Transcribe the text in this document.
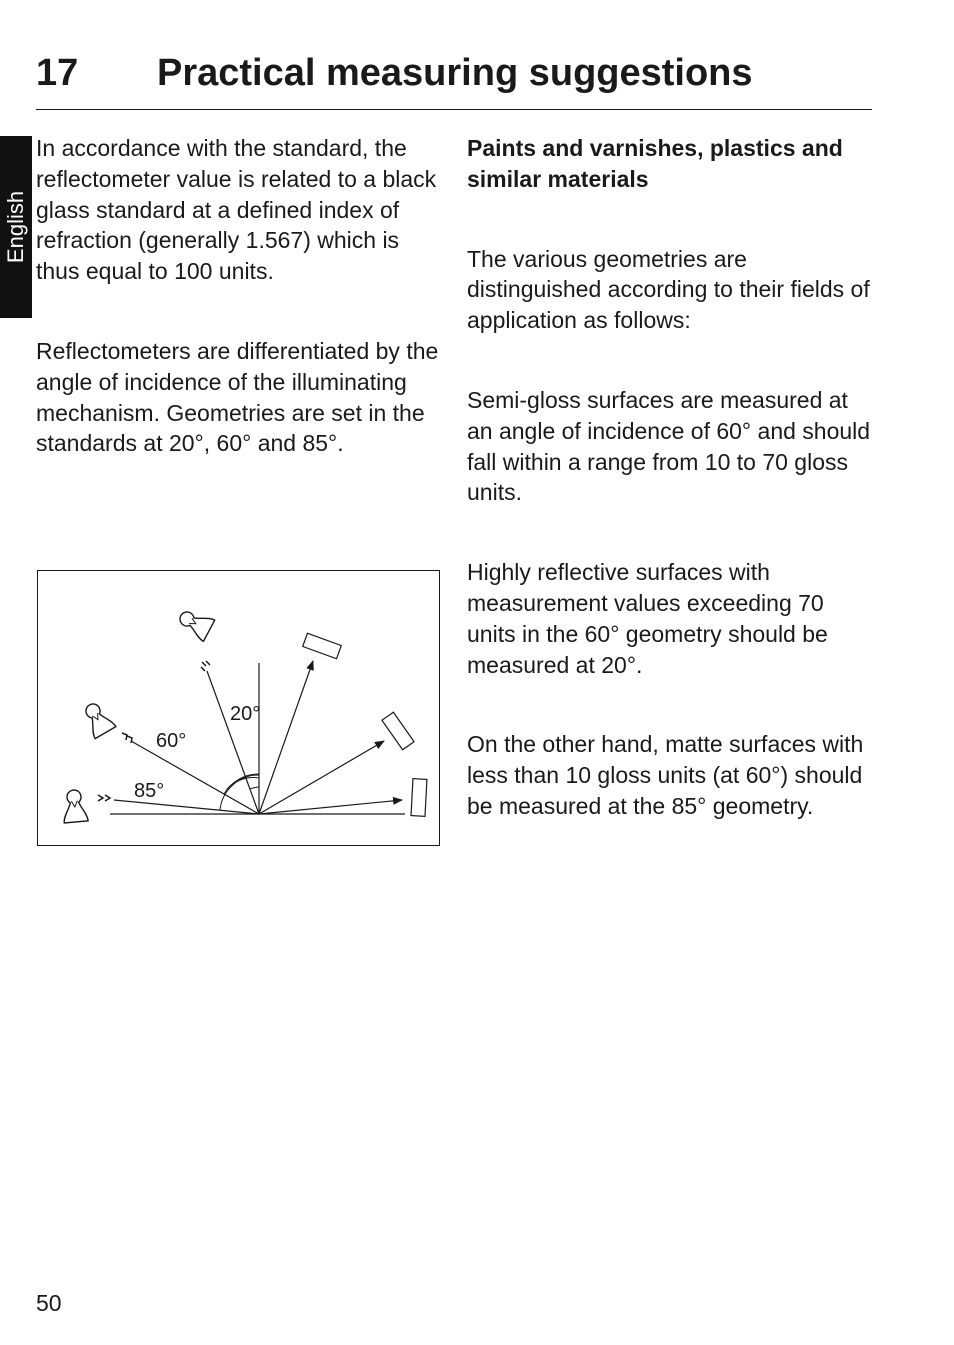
17 Practical measuring suggestions
English

In accordance with the standard, the reflectometer value is related to a black glass standard at a defined index of refraction (generally 1.567) which is thus equal to 100 units.

Reflectometers are differentiated by the angle of incidence of the illuminating mechanism. Geometries are set in the standards at 20°, 60° and 85°.

20°
60°
85°

Paints and varnishes, plastics and similar materials

The various geometries are distinguished according to their fields of application as follows:

Semi-gloss surfaces are measured at an angle of incidence of 60° and should fall within a range from 10 to 70 gloss units.

Highly reflective surfaces with measurement values exceeding 70 units in the 60° geometry should be measured at 20°.

On the other hand, matte surfaces with less than 10 gloss units (at 60°) should be measured at the 85° geometry.

50
